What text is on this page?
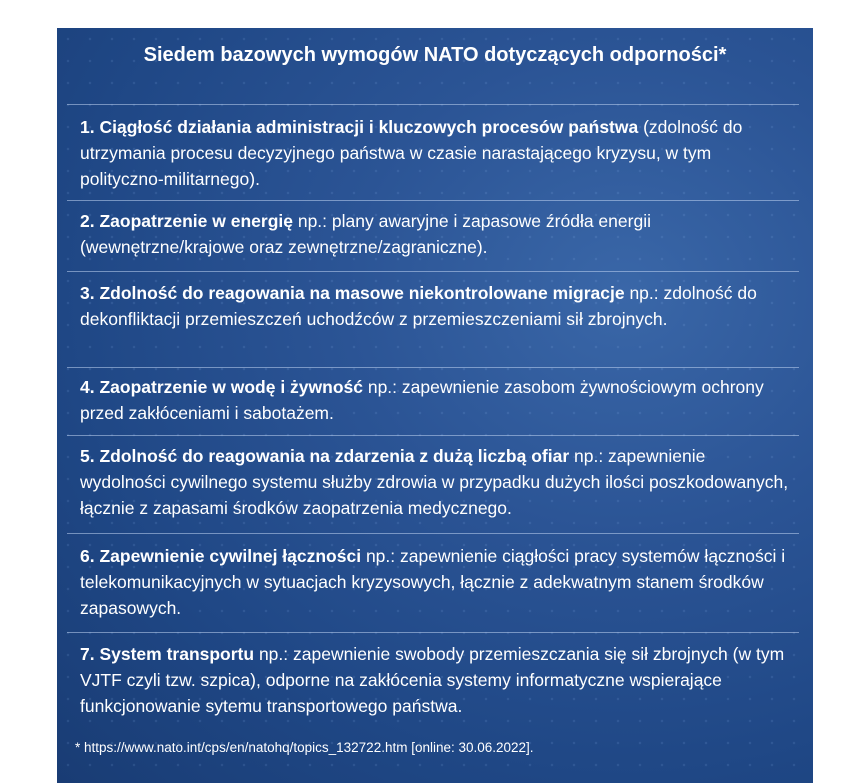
Siedem bazowych wymogów NATO dotyczących odporności*
1. Ciągłość działania administracji i kluczowych procesów państwa (zdolność do utrzymania procesu decyzyjnego państwa w czasie narastającego kryzysu, w tym polityczno-militarnego).
2. Zaopatrzenie w energię np.: plany awaryjne i zapasowe źródła energii (wewnętrzne/krajowe oraz zewnętrzne/zagraniczne).
3. Zdolność do reagowania na masowe niekontrolowane migracje np.: zdolność do dekonfliktacji przemieszczeń uchodźców z przemieszczeniami sił zbrojnych.
4. Zaopatrzenie w wodę i żywność np.: zapewnienie zasobom żywnościowym ochrony przed zakłóceniami i sabotażem.
5. Zdolność do reagowania na zdarzenia z dużą liczbą ofiar np.: zapewnienie wydolności cywilnego systemu służby zdrowia w przypadku dużych ilości poszkodowanych, łącznie z zapasami środków zaopatrzenia medycznego.
6. Zapewnienie cywilnej łączności np.: zapewnienie ciągłości pracy systemów łączności i telekomunikacyjnych w sytuacjach kryzysowych, łącznie z adekwatnym stanem środków zapasowych.
7. System transportu np.: zapewnienie swobody przemieszczania się sił zbrojnych (w tym VJTF czyli tzw. szpica), odporne na zakłócenia systemy informatyczne wspierające funkcjonowanie sytemu transportowego państwa.
* https://www.nato.int/cps/en/natohq/topics_132722.htm [online: 30.06.2022].
